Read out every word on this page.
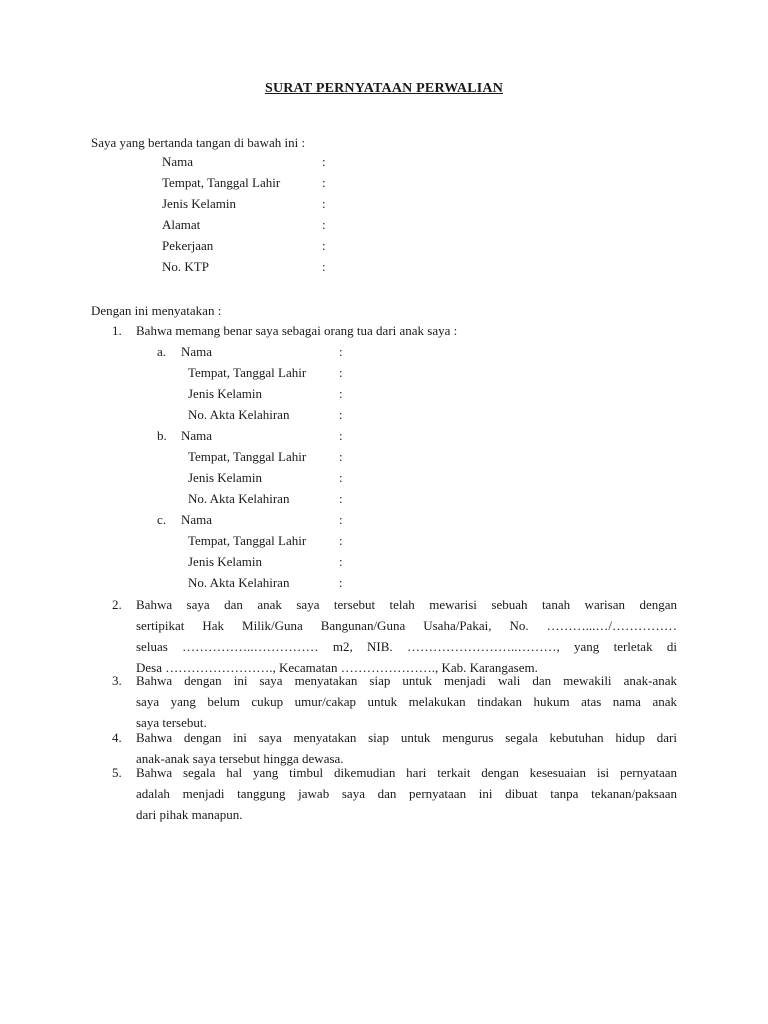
SURAT PERNYATAAN PERWALIAN
Saya yang bertanda tangan di bawah ini :
Nama	:
Tempat, Tanggal Lahir	:
Jenis Kelamin	:
Alamat	:
Pekerjaan	:
No. KTP	:
Dengan ini menyatakan :
1. Bahwa memang benar saya sebagai orang tua dari anak saya :
a. Nama	:
Tempat, Tanggal Lahir	:
Jenis Kelamin	:
No. Akta Kelahiran	:
b. Nama	:
Tempat, Tanggal Lahir	:
Jenis Kelamin	:
No. Akta Kelahiran	:
c. Nama	:
Tempat, Tanggal Lahir	:
Jenis Kelamin	:
No. Akta Kelahiran	:
2. Bahwa saya dan anak saya tersebut telah mewarisi sebuah tanah warisan dengan
sertipikat Hak Milik/Guna Bangunan/Guna Usaha/Pakai, No. ………...…/……………
seluas ……………..…………… m2, NIB. ……………………..………, yang terletak di
Desa ……………………., Kecamatan …………………., Kab. Karangasem.
3. Bahwa dengan ini saya menyatakan siap untuk menjadi wali dan mewakili anak-anak
saya yang belum cukup umur/cakap untuk melakukan tindakan hukum atas nama anak
saya tersebut.
4. Bahwa dengan ini saya menyatakan siap untuk mengurus segala kebutuhan hidup dari
anak-anak saya tersebut hingga dewasa.
5. Bahwa segala hal yang timbul dikemudian hari terkait dengan kesesuaian isi pernyataan
adalah menjadi tanggung jawab saya dan pernyataan ini dibuat tanpa tekanan/paksaan
dari pihak manapun.
